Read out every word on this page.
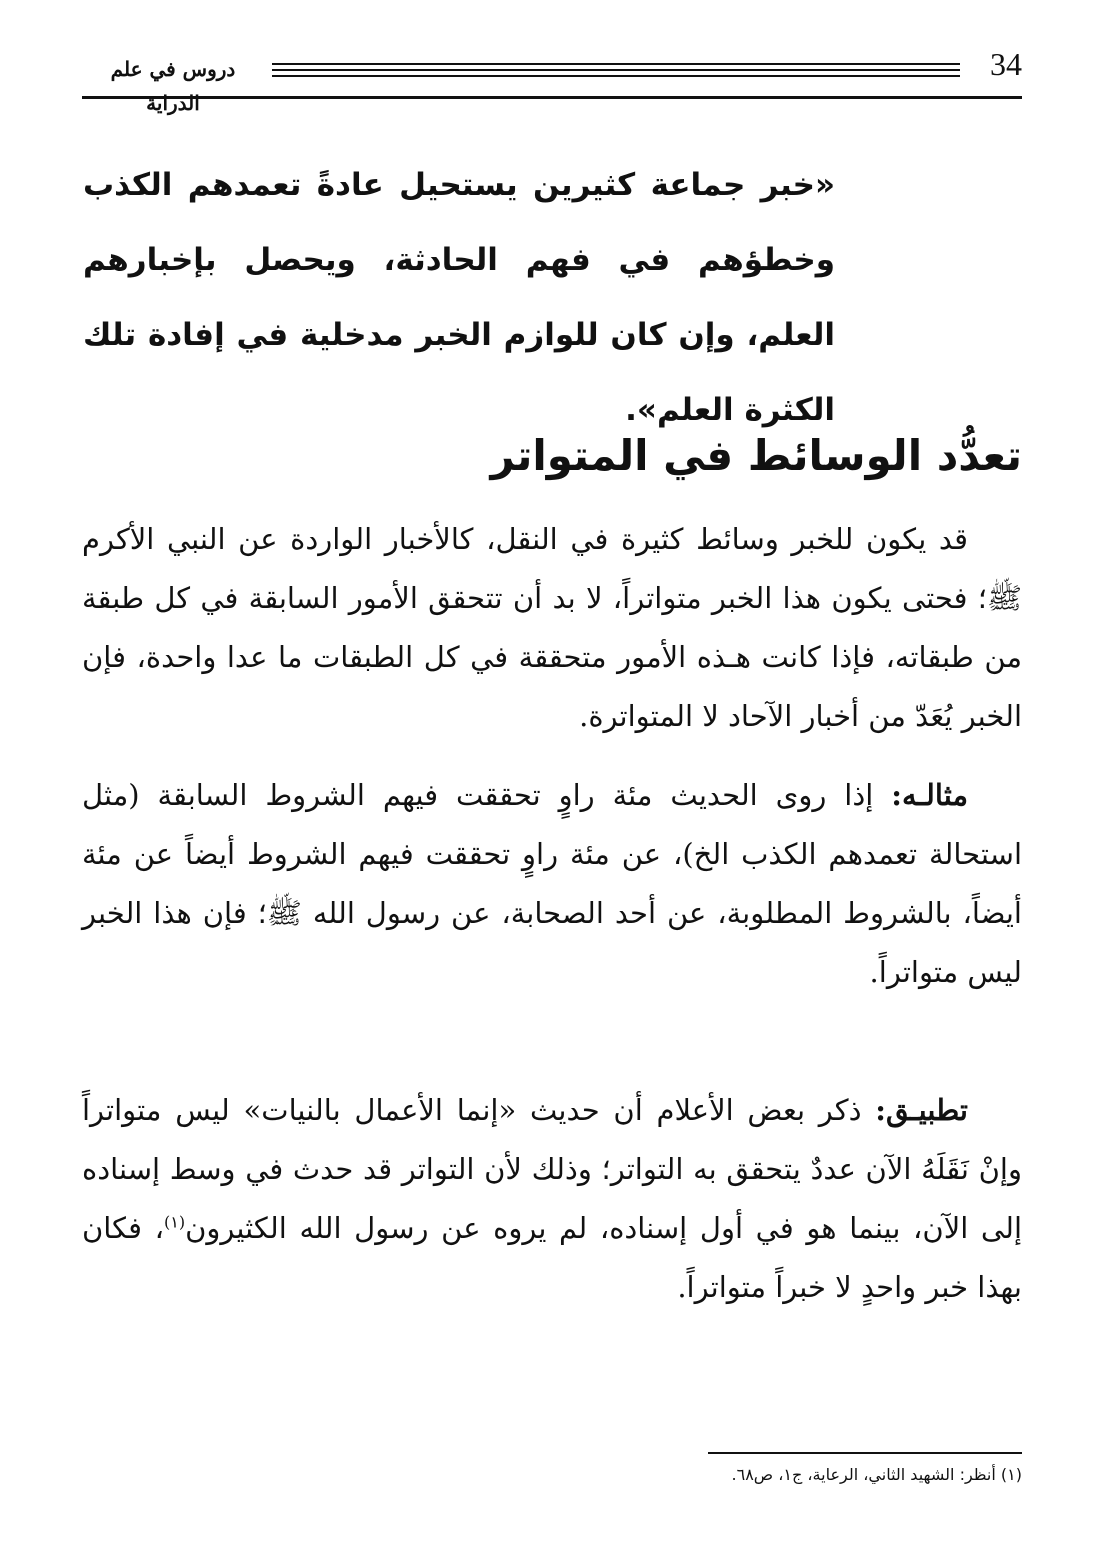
34
دروس في علم الدراية
«خبر جماعة كثيرين يستحيل عادةً تعمدهم الكذب وخطؤهم في فهم الحادثة، ويحصل بإخبارهم العلم، وإن كان للوازم الخبر مدخلية في إفادة تلك الكثرة العلم».
تعدُّد الوسائط في المتواتر

قد يكون للخبر وسائط كثيرة في النقل، كالأخبار الواردة عن النبي الأكرم ﷺ؛ فحتى يكون هذا الخبر متواتراً، لا بد أن تتحقق الأمور السابقة في كل طبقة من طبقاته، فإذا كانت هـذه الأمور متحققة في كل الطبقات ما عدا واحدة، فإن الخبر يُعَدّ من أخبار الآحاد لا المتواترة.

مثالـه: إذا روى الحديث مئة راوٍ تحققت فيهم الشروط السابقة (مثل استحالة تعمدهم الكذب الخ)، عن مئة راوٍ تحققت فيهم الشروط أيضاً عن مئة أيضاً، بالشروط المطلوبة، عن أحد الصحابة، عن رسول الله ﷺ؛ فإن هذا الخبر ليس متواتراً.

تطبيـق: ذكر بعض الأعلام أن حديث «إنما الأعمال بالنيات» ليس متواتراً وإنْ نَقَلَهُ الآن عددٌ يتحقق به التواتر؛ وذلك لأن التواتر قد حدث في وسط إسناده إلى الآن، بينما هو في أول إسناده، لم يروه عن رسول الله الكثيرون$^{(١)}$، فكان بهذا خبر واحدٍ لا خبراً متواتراً.

(١) أنظر: الشهيد الثاني، الرعاية، ج١، ص٦٨.
